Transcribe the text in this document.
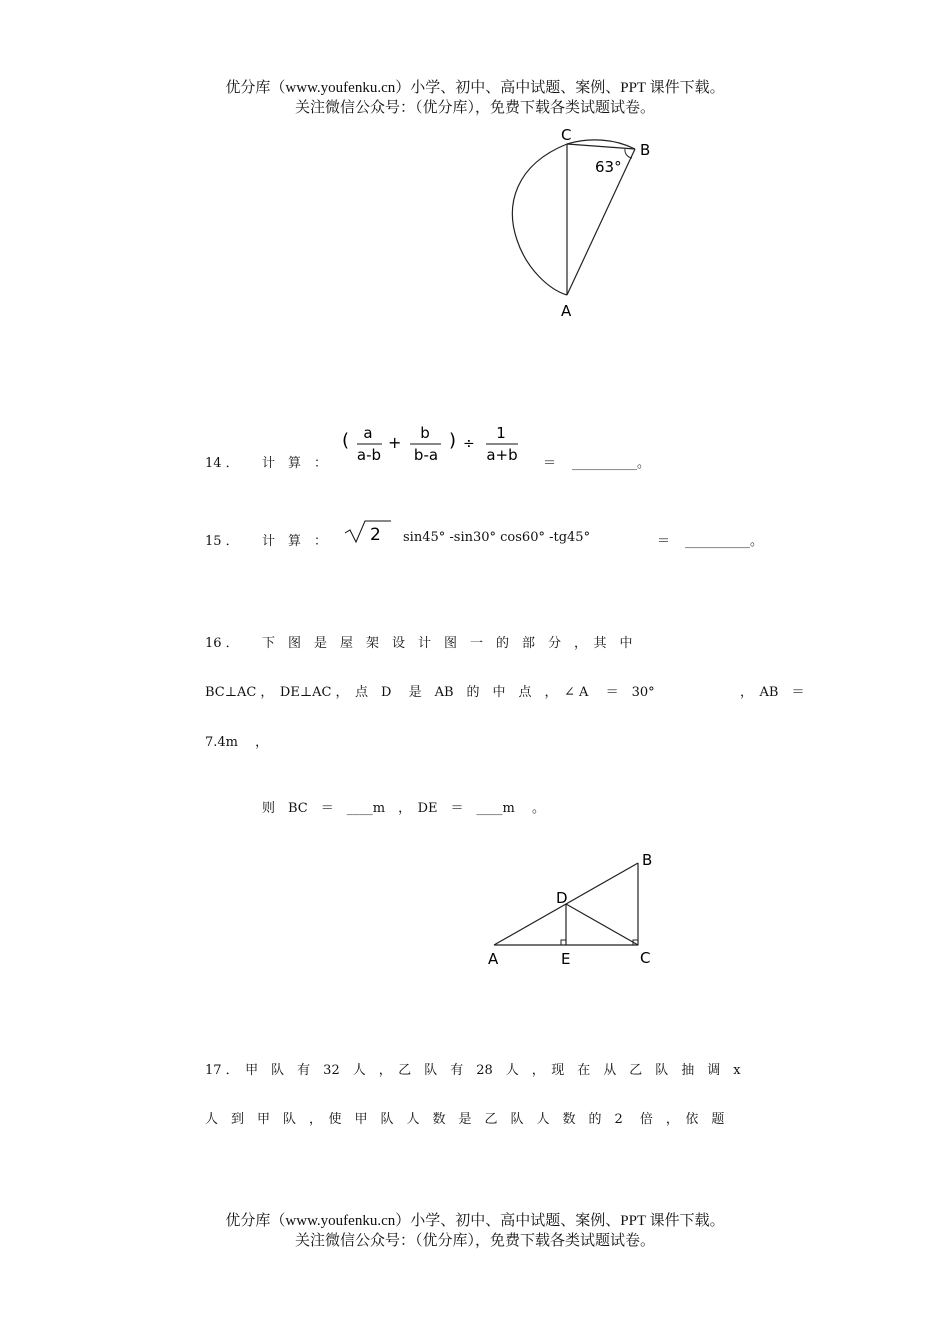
优分库（www.youfenku.cn）小学、初中、高中试题、案例、PPT 课件下载。
关注微信公众号：（优分库），免费下载各类试题试卷。
C
B
A
63°
14 ． 计　算　：
( a
a-b
+ b
b-a
) ÷
1
a+b ＝ __________。
15 ． 计　算　：	2 sin45° -sin30° cos60° -tg45°	＝ __________。
16 ． 下　图　是　屋　架　设　计　图　一　的　部　分　，　其　中
BC⊥AC ，　DE⊥AC ，　点　D　 是　AB　的　中　点　，　∠ A　 ＝　30°	，　AB　＝
7.4m　 ，
则　BC　＝　____m　，　DE　＝　____m　 。
A
B
C
D
E
17 ．　甲　队　有　32　人　，　乙　队　有　28　人　，　现　在　从　乙　队　抽　调　x
人　到　甲　队　，　使　甲　队　人　数　是　乙　队　人　数　的　2　 倍　，　依　题
优分库（www.youfenku.cn）小学、初中、高中试题、案例、PPT 课件下载。
关注微信公众号：（优分库），免费下载各类试题试卷。
